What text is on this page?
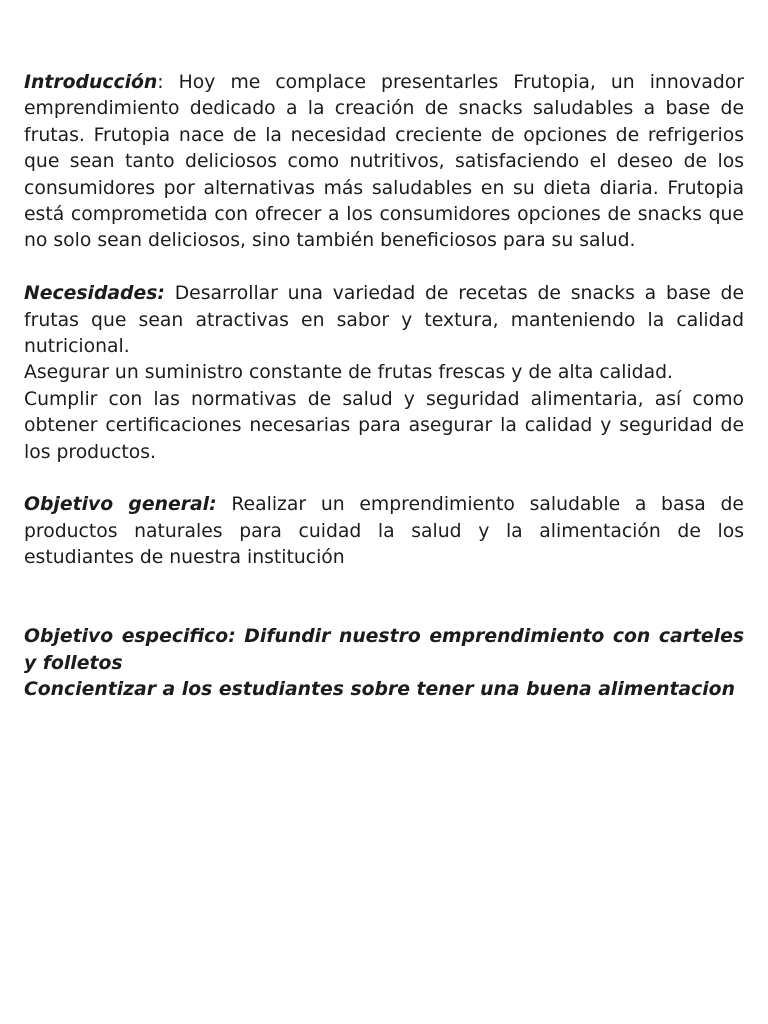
Introducción: Hoy me complace presentarles Frutopia, un innovador emprendimiento dedicado a la creación de snacks saludables a base de frutas. Frutopia nace de la necesidad creciente de opciones de refrigerios que sean tanto deliciosos como nutritivos, satisfaciendo el deseo de los consumidores por alternativas más saludables en su dieta diaria. Frutopia está comprometida con ofrecer a los consumidores opciones de snacks que no solo sean deliciosos, sino también beneficiosos para su salud.

Necesidades: Desarrollar una variedad de recetas de snacks a base de frutas que sean atractivas en sabor y textura, manteniendo la calidad nutricional.

Asegurar un suministro constante de frutas frescas y de alta calidad.

Cumplir con las normativas de salud y seguridad alimentaria, así como obtener certificaciones necesarias para asegurar la calidad y seguridad de los productos.

Objetivo general: Realizar un emprendimiento saludable a basa de productos naturales para cuidad la salud y la alimentación de los estudiantes de nuestra institución

Objetivo especifico: Difundir nuestro emprendimiento con carteles y folletos

Concientizar a los estudiantes sobre tener una buena alimentacion
